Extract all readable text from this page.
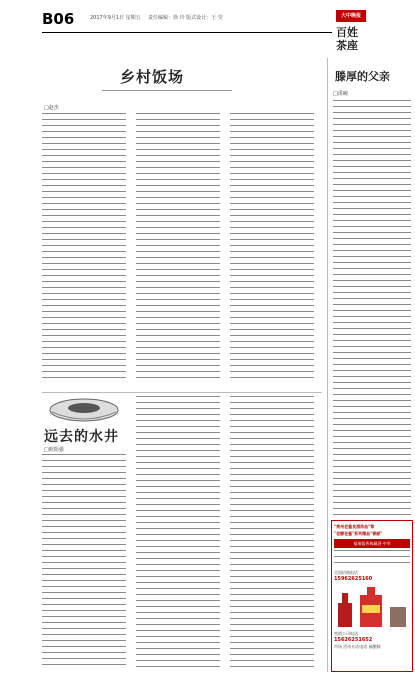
B06	2017年9月1日 星期五 责任编辑：徐 玲 版式设计：王 莹	大中晚报
百姓
茶座
乡村饭场
□赵杰
远去的水井
□欧阳强
滕厚的父亲
□禹碗
"贵州老酱良酒珍品"第
"老醇老酱"系列精品"曾献"
福瑞酱香典藏酒·中华
全国招商电话：
15962625160
营销公司电话：
15626251652
市场 活动专店电话 福酿制
